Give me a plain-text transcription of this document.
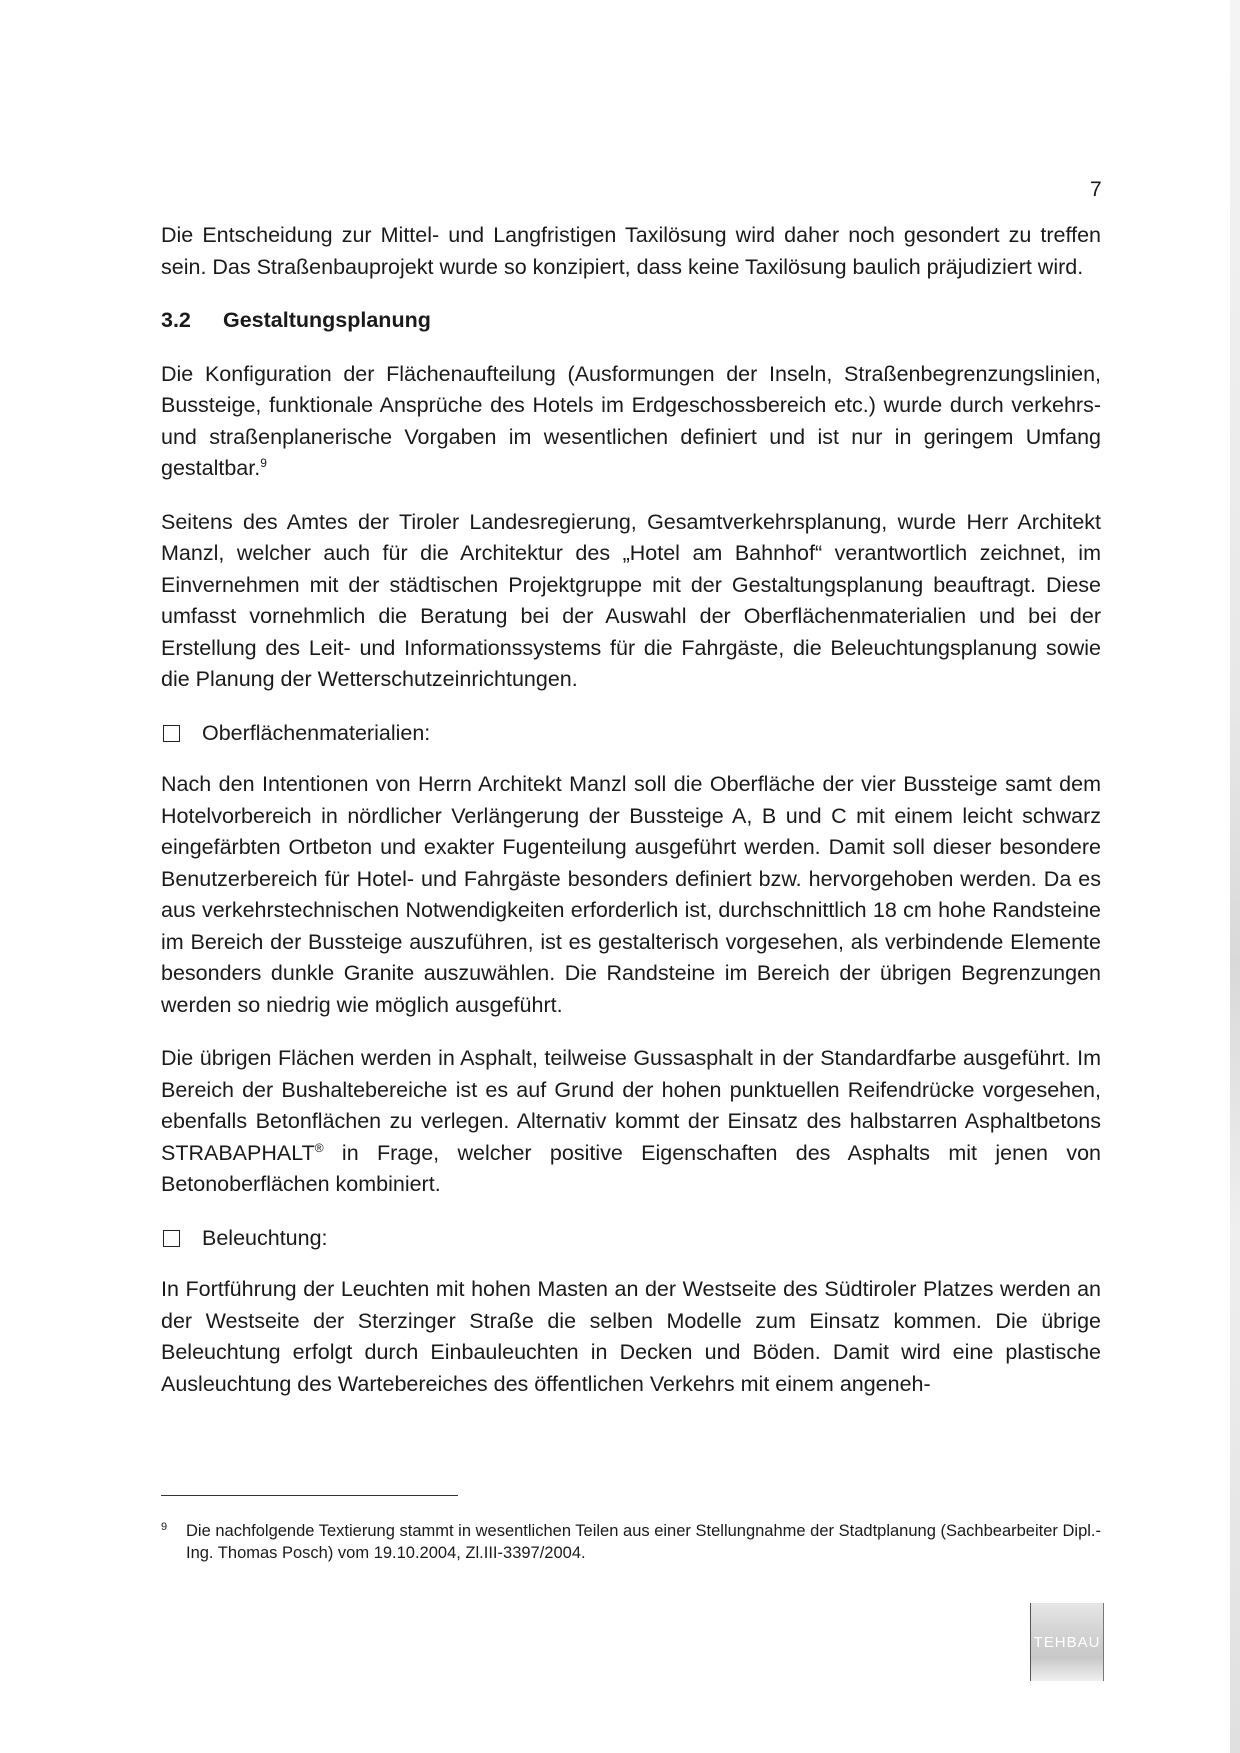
7

Die Entscheidung zur Mittel- und Langfristigen Taxilösung wird daher noch gesondert zu treffen sein. Das Straßenbauprojekt wurde so konzipiert, dass keine Taxilösung baulich präjudiziert wird.

3.2	Gestaltungsplanung

Die Konfiguration der Flächenaufteilung (Ausformungen der Inseln, Straßenbegrenzungslinien, Bussteige, funktionale Ansprüche des Hotels im Erdgeschossbereich etc.) wurde durch verkehrs- und straßenplanerische Vorgaben im wesentlichen definiert und ist nur in geringem Umfang gestaltbar.$^9$

Seitens des Amtes der Tiroler Landesregierung, Gesamtverkehrsplanung, wurde Herr Architekt Manzl, welcher auch für die Architektur des „Hotel am Bahnhof“ verantwortlich zeichnet, im Einvernehmen mit der städtischen Projektgruppe mit der Gestaltungsplanung beauftragt. Diese umfasst vornehmlich die Beratung bei der Auswahl der Oberflächenmaterialien und bei der Erstellung des Leit- und Informationssystems für die Fahrgäste, die Beleuchtungsplanung sowie die Planung der Wetterschutzeinrichtungen.

Oberflächenmaterialien:

Nach den Intentionen von Herrn Architekt Manzl soll die Oberfläche der vier Bussteige samt dem Hotelvorbereich in nördlicher Verlängerung der Bussteige A, B und C mit einem leicht schwarz eingefärbten Ortbeton und exakter Fugenteilung ausgeführt werden. Damit soll dieser besondere Benutzerbereich für Hotel- und Fahrgäste besonders definiert bzw. hervorgehoben werden. Da es aus verkehrstechnischen Notwendigkeiten erforderlich ist, durchschnittlich 18 cm hohe Randsteine im Bereich der Bussteige auszuführen, ist es gestalterisch vorgesehen, als verbindende Elemente besonders dunkle Granite auszuwählen. Die Randsteine im Bereich der übrigen Begrenzungen werden so niedrig wie möglich ausgeführt.

Die übrigen Flächen werden in Asphalt, teilweise Gussasphalt in der Standardfarbe ausgeführt. Im Bereich der Bushaltebereiche ist es auf Grund der hohen punktuellen Reifendrücke vorgesehen, ebenfalls Betonflächen zu verlegen. Alternativ kommt der Einsatz des halbstarren Asphaltbetons STRABAPHALT® in Frage, welcher positive Eigenschaften des Asphalts mit jenen von Betonoberflächen kombiniert.

Beleuchtung:

In Fortführung der Leuchten mit hohen Masten an der Westseite des Südtiroler Platzes werden an der Westseite der Sterzinger Straße die selben Modelle zum Einsatz kommen. Die übrige Beleuchtung erfolgt durch Einbauleuchten in Decken und Böden. Damit wird eine plastische Ausleuchtung des Wartebereiches des öffentlichen Verkehrs mit einem angeneh-

9	Die nachfolgende Textierung stammt in wesentlichen Teilen aus einer Stellungnahme der Stadtplanung (Sachbearbeiter Dipl.-Ing. Thomas Posch) vom 19.10.2004, Zl.III-3397/2004.
TEHBAU
